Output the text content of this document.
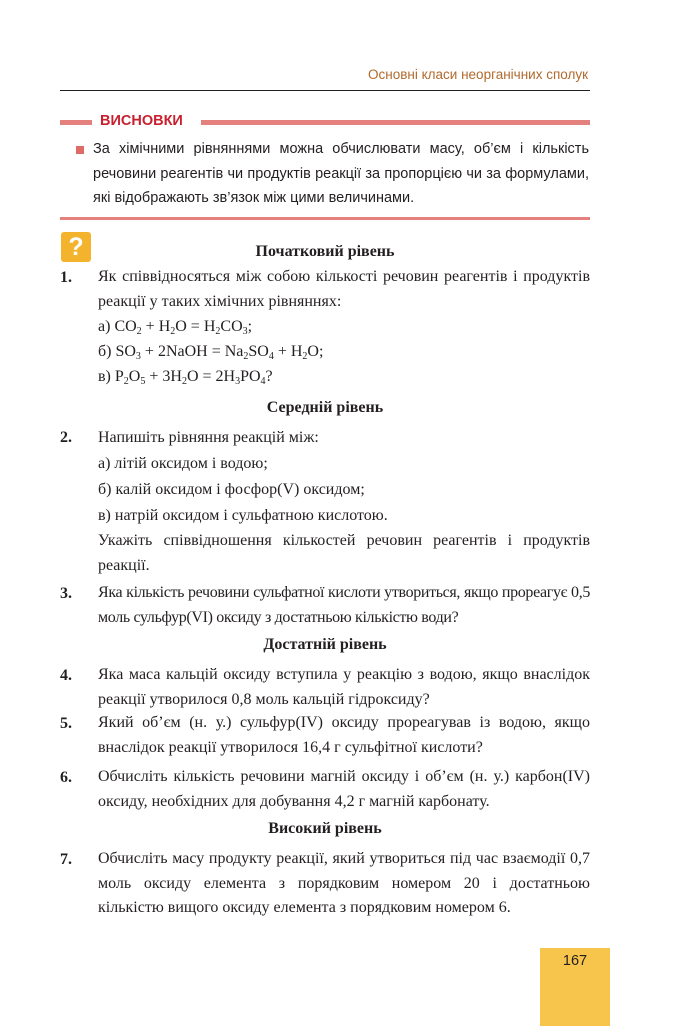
Основні класи неорганічних сполук
ВИСНОВКИ
За хімічними рівняннями можна обчислювати масу, об’єм і кількість речовини реагентів чи продуктів реакції за пропорцією чи за формулами, які відображають зв’язок між цими величинами.
?	Початковий рівень
1. Як співвідносяться між собою кількості речовин реагентів і продуктів реакції у таких хімічних рівняннях:
а) $CO_2 + H_2O = H_2CO_3$;
б) $SO_3$ + 2NaOH = $Na_2SO_4 + H_2O$;
в) $P_2O_5 + 3H_2O = 2H_3PO_4$?
Середній рівень
2. Напишіть рівняння реакцій між:
а) літій оксидом і водою;
б) калій оксидом і фосфор(V) оксидом;
в) натрій оксидом і сульфатною кислотою.
Укажіть співвідношення кількостей речовин реагентів і продуктів реакції.
3. Яка кількість речовини сульфатної кислоти утвориться, якщо прореагує 0,5 моль сульфур(VI) оксиду з достатньою кількістю води?
Достатній рівень
4. Яка маса кальцій оксиду вступила у реакцію з водою, якщо внаслідок реакції утворилося 0,8 моль кальцій гідроксиду?
5. Який об’єм (н. у.) сульфур(IV) оксиду прореагував із водою, якщо внаслідок реакції утворилося 16,4 г сульфітної кислоти?
6. Обчисліть кількість речовини магній оксиду і об’єм (н. у.) карбон(IV) оксиду, необхідних для добування 4,2 г магній карбонату.
Високий рівень
7. Обчисліть масу продукту реакції, який утвориться під час взаємодії 0,7 моль оксиду елемента з порядковим номером 20 і достатньою кількістю вищого оксиду елемента з порядковим номером 6.
167
